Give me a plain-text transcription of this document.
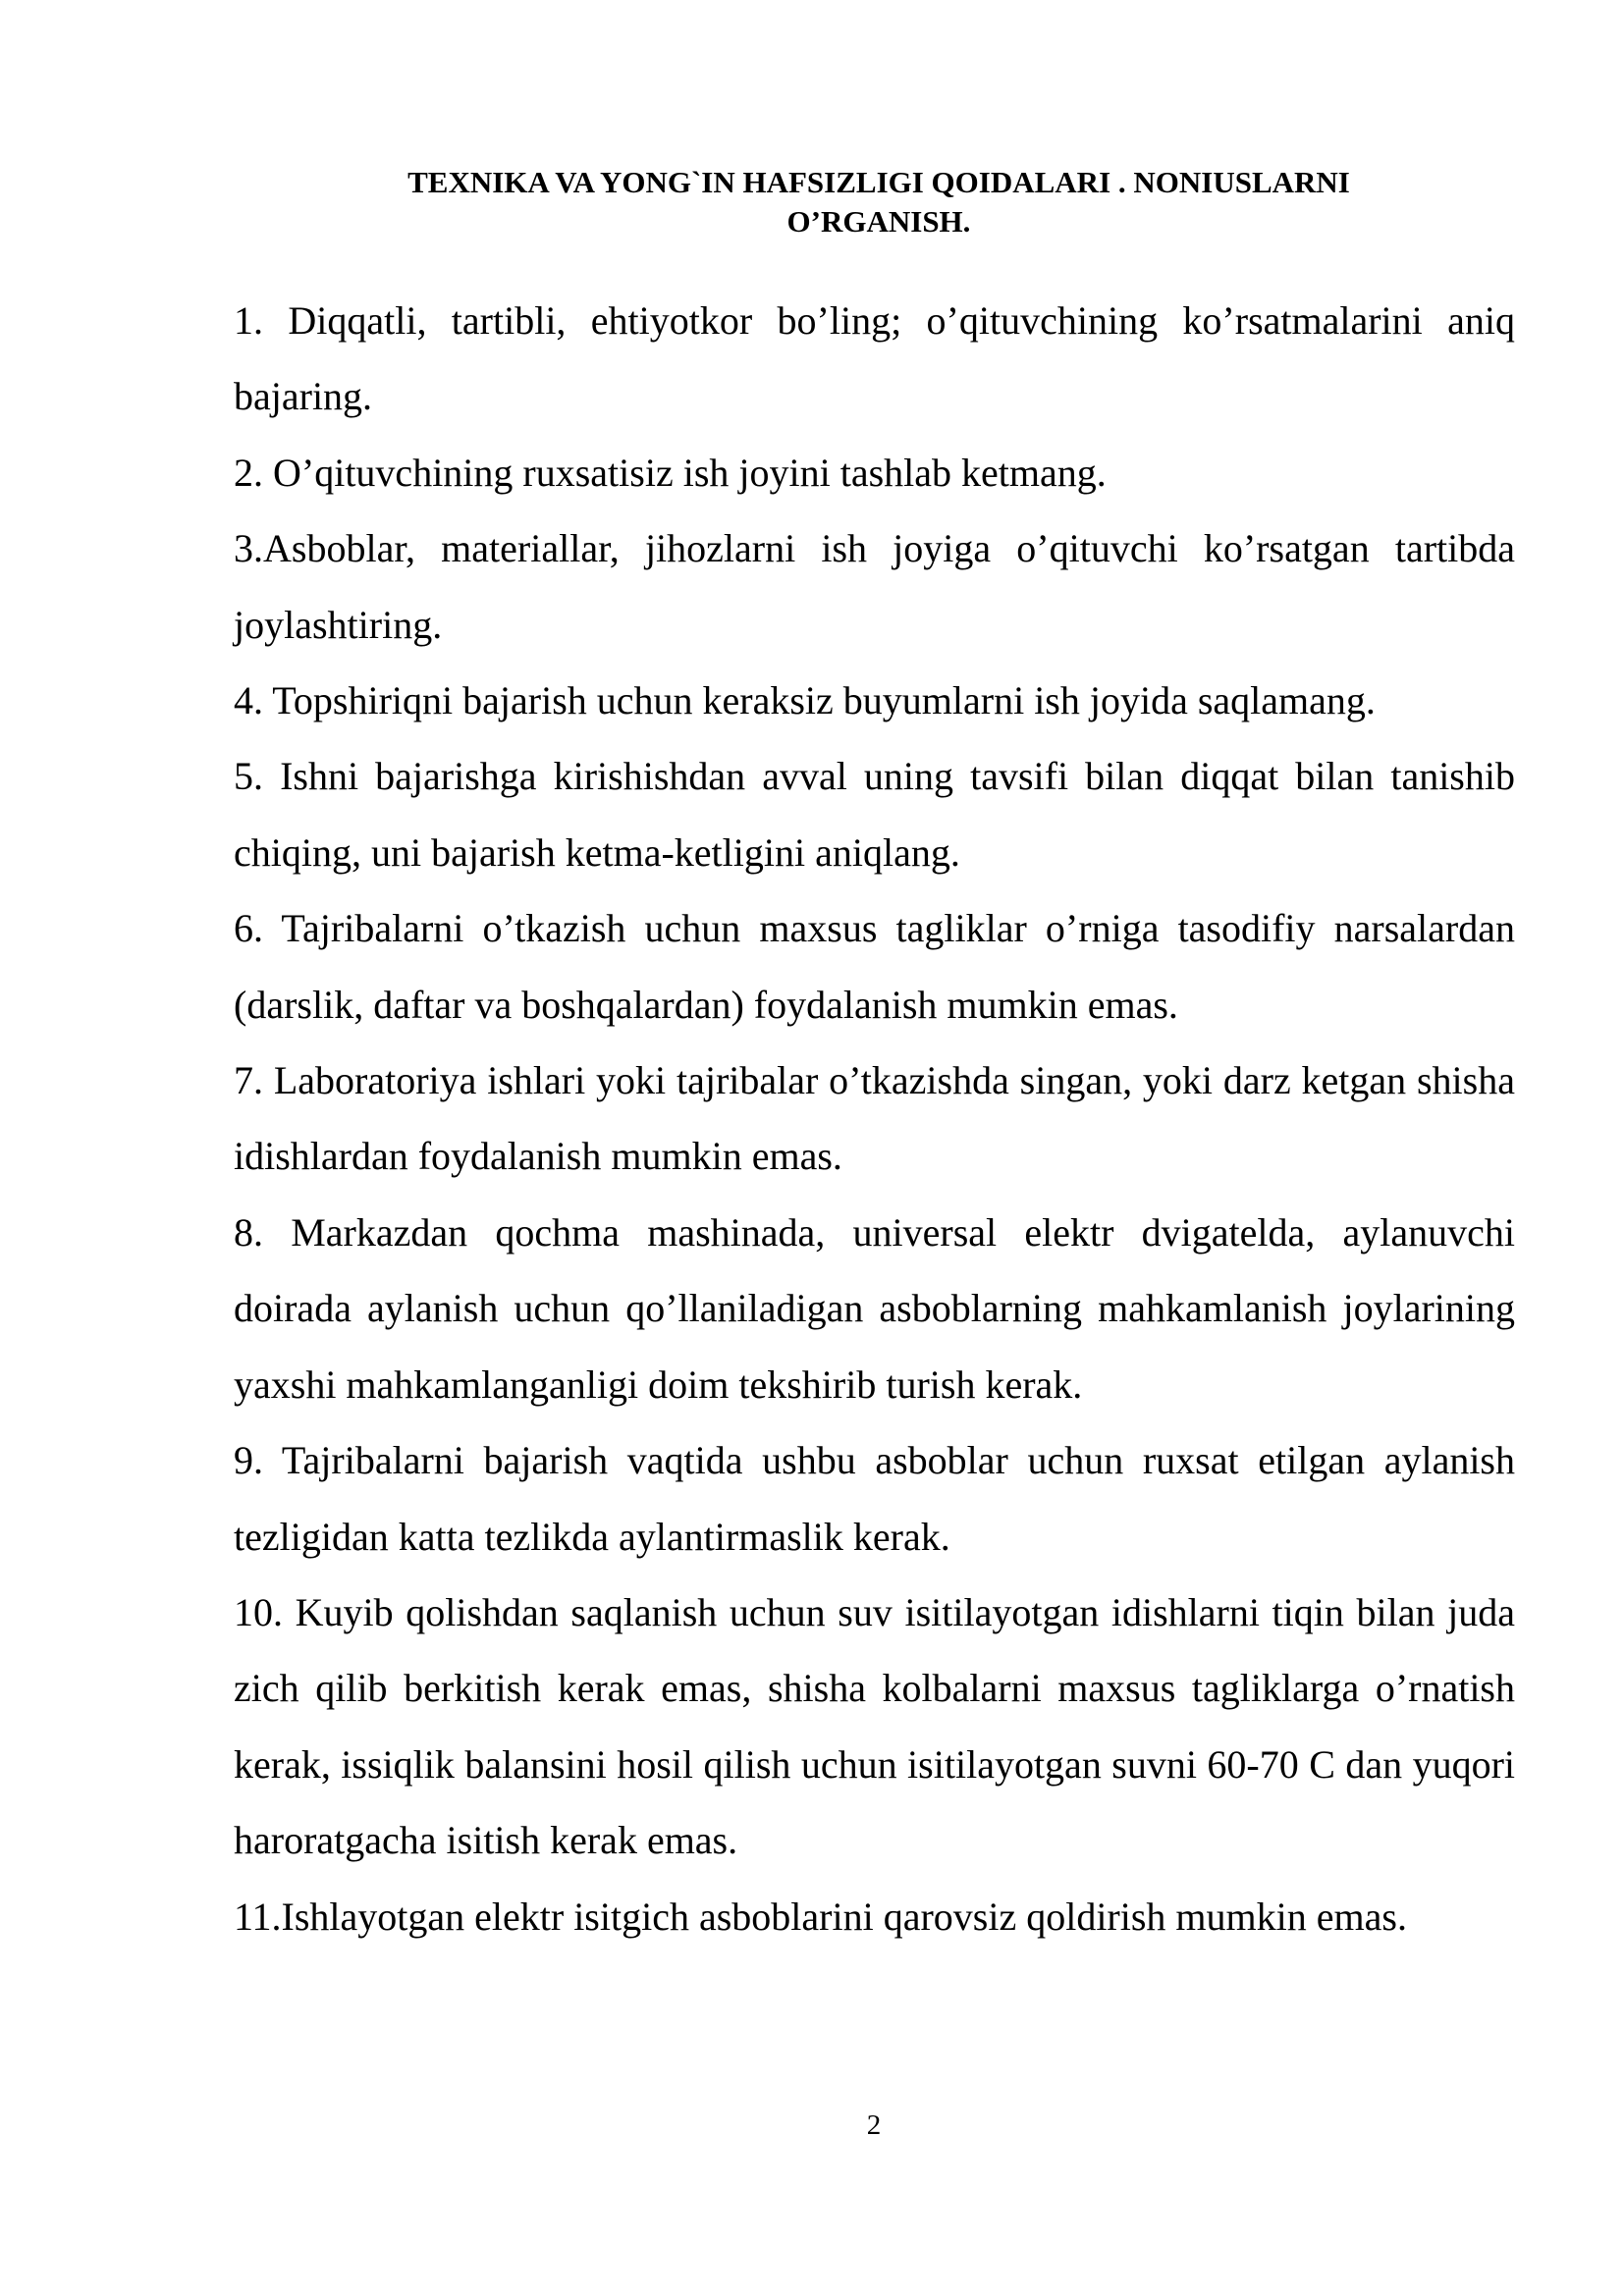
TEXNIKA VA YONG`IN HAFSIZLIGI QOIDALARI . NONIUSLARNI
O’RGANISH.

1. Diqqatli, tartibli, ehtiyotkor bo’ling; o’qituvchining ko’rsatmalarini aniq bajaring.

2. O’qituvchining ruxsatisiz ish joyini tashlab ketmang.

3.Asboblar, materiallar, jihozlarni ish joyiga o’qituvchi ko’rsatgan tartibda joylashtiring.

4. Topshiriqni bajarish uchun keraksiz buyumlarni ish joyida saqlamang.

5. Ishni bajarishga kirishishdan avval uning tavsifi bilan diqqat bilan tanishib chiqing, uni bajarish ketma-ketligini aniqlang.

6. Tajribalarni o’tkazish uchun maxsus tagliklar o’rniga tasodifiy narsalardan (darslik, daftar va boshqalardan) foydalanish mumkin emas.

7. Laboratoriya ishlari yoki tajribalar o’tkazishda singan, yoki darz ketgan shisha idishlardan foydalanish mumkin emas.

8. Markazdan qochma mashinada, universal elektr dvigatelda, aylanuvchi doirada aylanish uchun qo’llaniladigan asboblarning mahkamlanish joylarining yaxshi mahkamlanganligi doim tekshirib turish kerak.

9. Tajribalarni bajarish vaqtida ushbu asboblar uchun ruxsat etilgan aylanish tezligidan katta tezlikda aylantirmaslik kerak.

10. Kuyib qolishdan saqlanish uchun suv isitilayotgan idishlarni tiqin bilan juda zich qilib berkitish kerak emas, shisha kolbalarni maxsus tagliklarga o’rnatish kerak, issiqlik balansini hosil qilish uchun isitilayotgan suvni 60-70 C dan yuqori haroratgacha isitish kerak emas.

11.Ishlayotgan elektr isitgich asboblarini qarovsiz qoldirish mumkin emas.

2
